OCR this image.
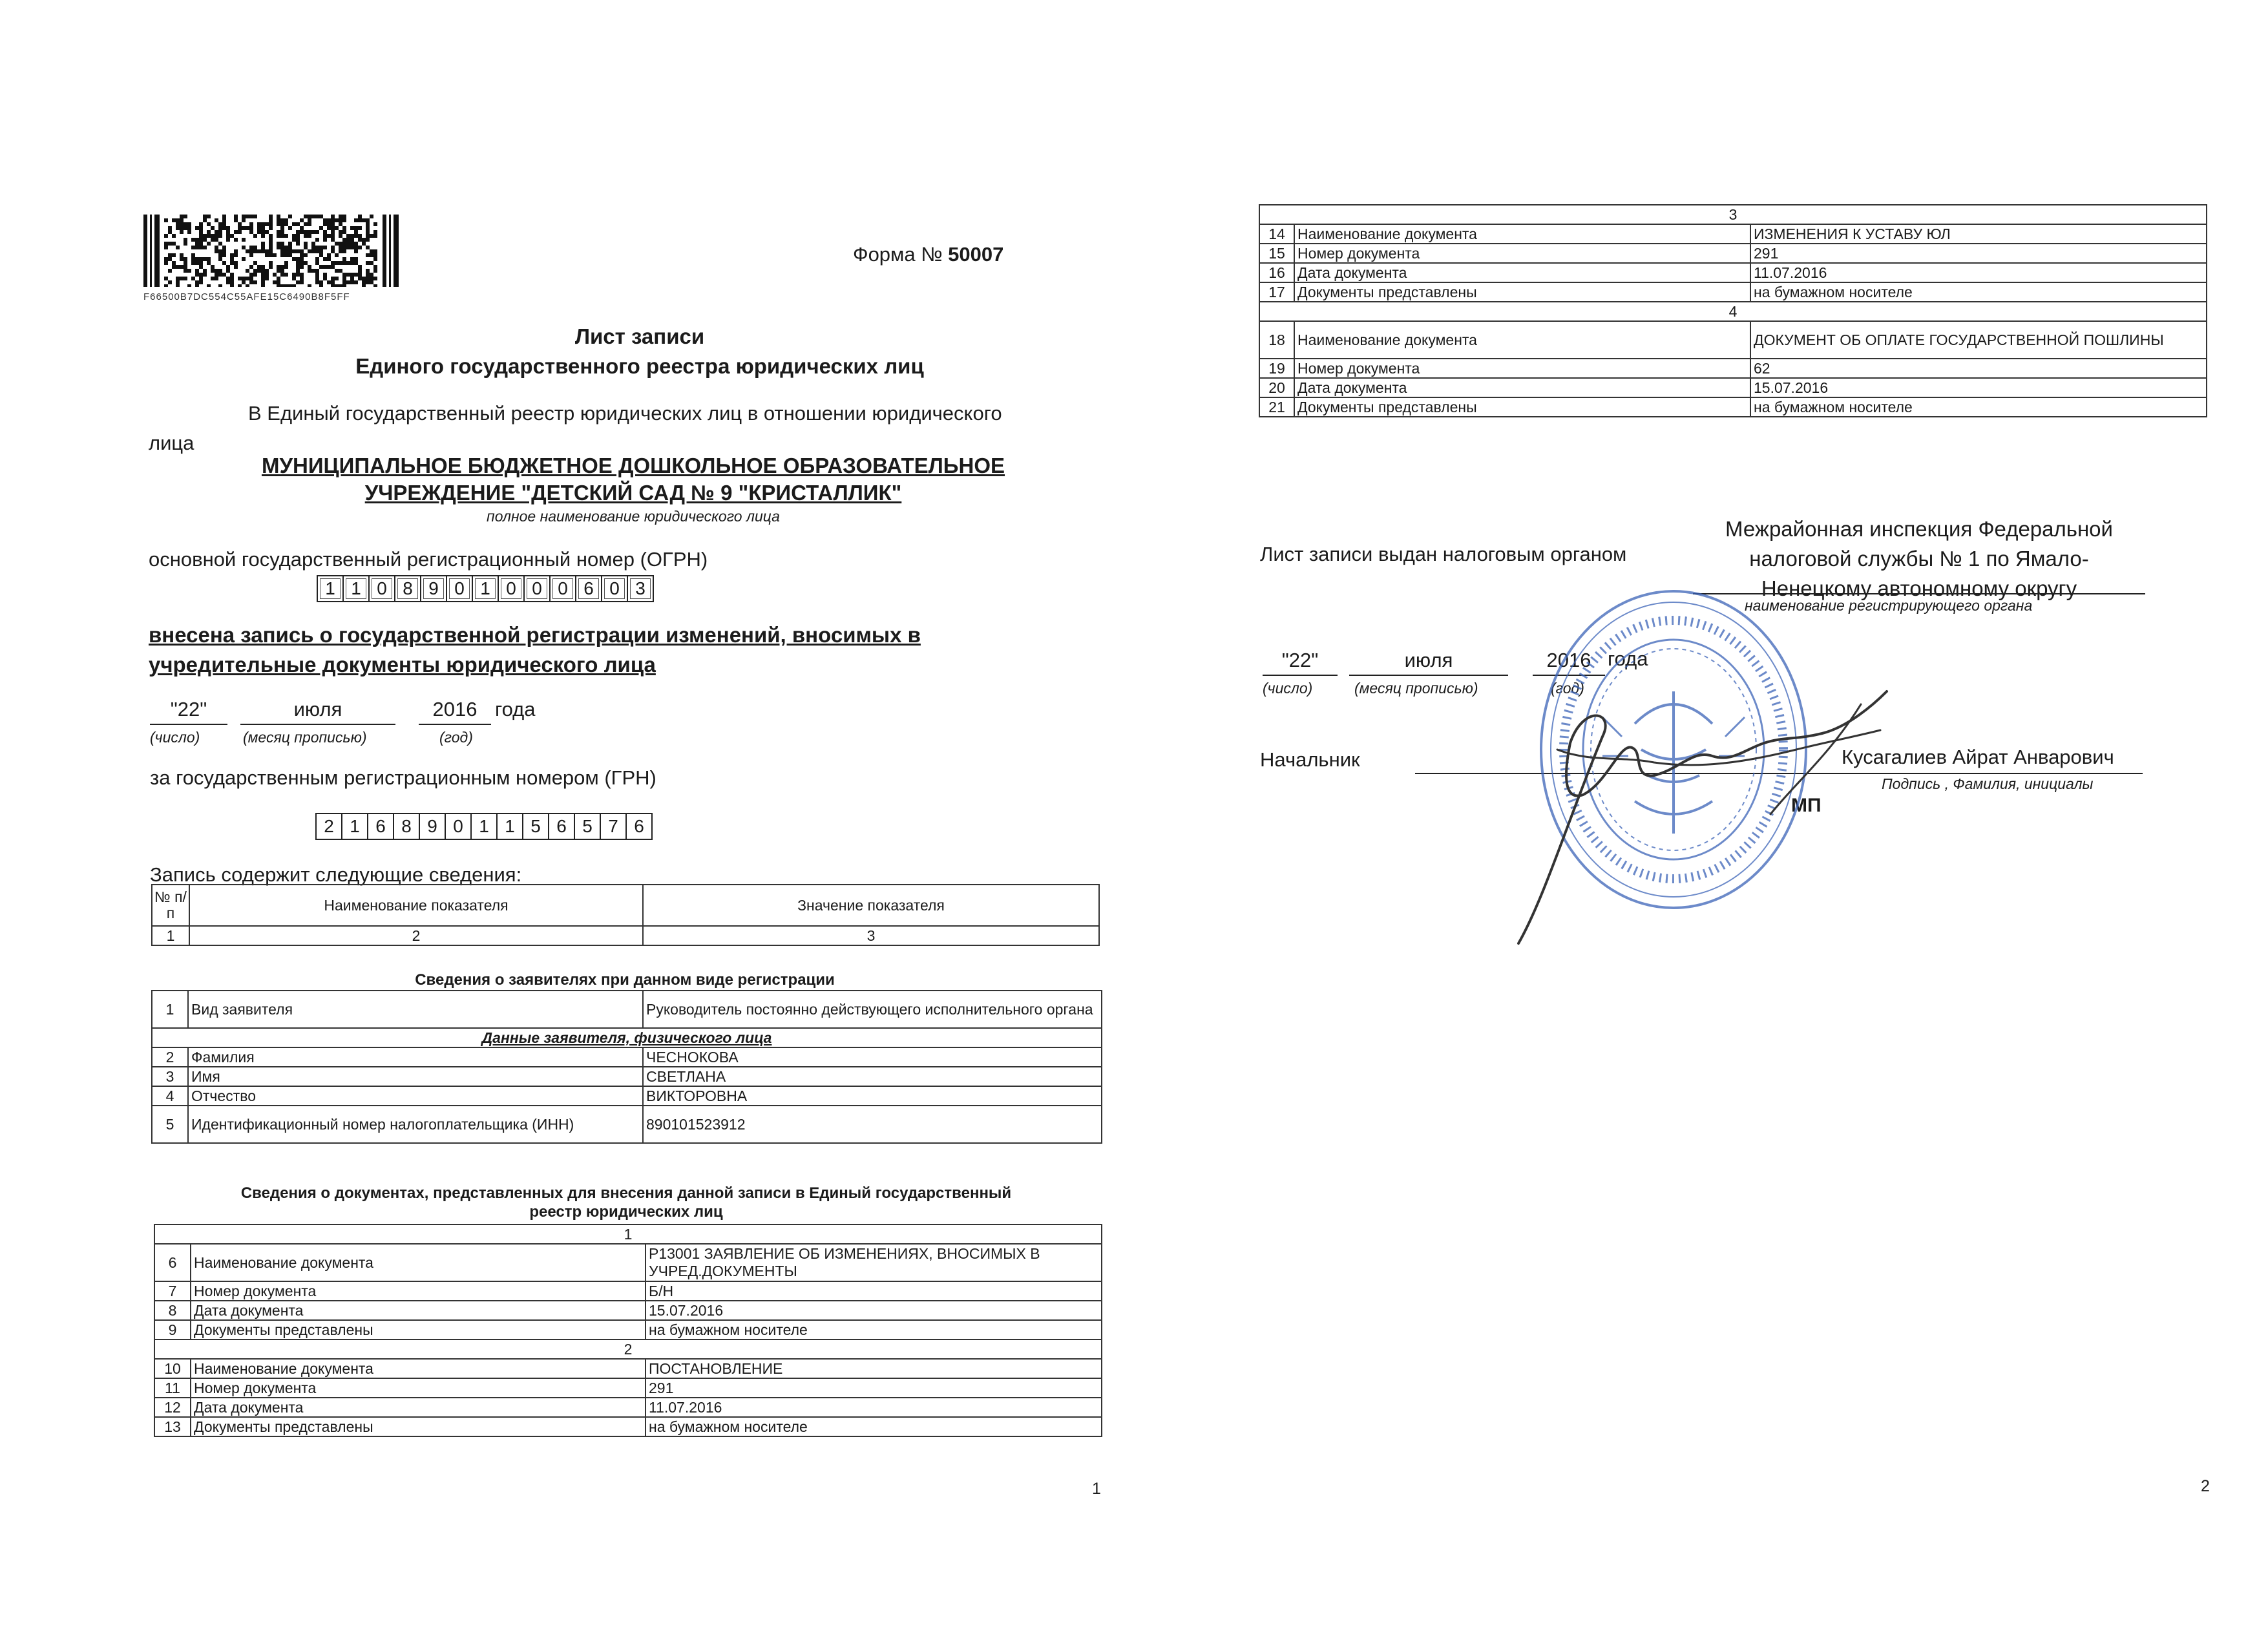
F66500B7DC554C55AFE15C6490B8F5FF
Форма № 50007
Лист записи
Единого государственного реестра юридических лиц
В Единый государственный реестр юридических лиц в отношении юридического
лица
МУНИЦИПАЛЬНОЕ БЮДЖЕТНОЕ ДОШКОЛЬНОЕ ОБРАЗОВАТЕЛЬНОЕ
УЧРЕЖДЕНИЕ "ДЕТСКИЙ САД № 9 "КРИСТАЛЛИК"
полное наименование юридического лица
основной государственный регистрационный номер (ОГРН)
1 1 0 8 9 0 1 0 0 0 6 0 3
внесена запись о государственной регистрации изменений, вносимых в
учредительные документы юридического лица
"22"	июля	2016 года
(число)	(месяц прописью)	(год)
за государственным регистрационным номером (ГРН)
2 1 6 8 9 0 1 1 5 6 5 7 6
Запись содержит следующие сведения:
№ п/п	Наименование показателя	Значение показателя
1	2	3
Сведения о заявителях при данном виде регистрации
1	Вид заявителя	Руководитель постоянно действующего исполнительного органа
Данные заявителя, физического лица		
2	Фамилия	ЧЕСНОКОВА
3	Имя	СВЕТЛАНА
4	Отчество	ВИКТОРОВНА
5	Идентификационный номер налогоплательщика (ИНН)	890101523912
Сведения о документах, представленных для внесения данной записи в Единый государственный
реестр юридических лиц
1		
6	Наименование документа	Р13001 ЗАЯВЛЕНИЕ ОБ ИЗМЕНЕНИЯХ, ВНОСИМЫХ В УЧРЕД.ДОКУМЕНТЫ
7	Номер документа	Б/Н
8	Дата документа	15.07.2016
9	Документы представлены	на бумажном носителе
2		
10	Наименование документа	ПОСТАНОВЛЕНИЕ
11	Номер документа	291
12	Дата документа	11.07.2016
13	Документы представлены	на бумажном носителе
1
3		
14	Наименование документа	ИЗМЕНЕНИЯ К УСТАВУ ЮЛ
15	Номер документа	291
16	Дата документа	11.07.2016
17	Документы представлены	на бумажном носителе
4		
18	Наименование документа	ДОКУМЕНТ ОБ ОПЛАТЕ ГОСУДАРСТВЕННОЙ ПОШЛИНЫ
19	Номер документа	62
20	Дата документа	15.07.2016
21	Документы представлены	на бумажном носителе
Лист записи выдан налоговым органом
Межрайонная инспекция Федеральной
налоговой службы № 1 по Ямало-
Ненецкому автономному округу
наименование регистрирующего органа
"22"	июля	2016 года
(число)	(месяц прописью)	(год)
Начальник	Кусагалиев Айрат Анварович
Подпись , Фамилия, инициалы
МП
2
